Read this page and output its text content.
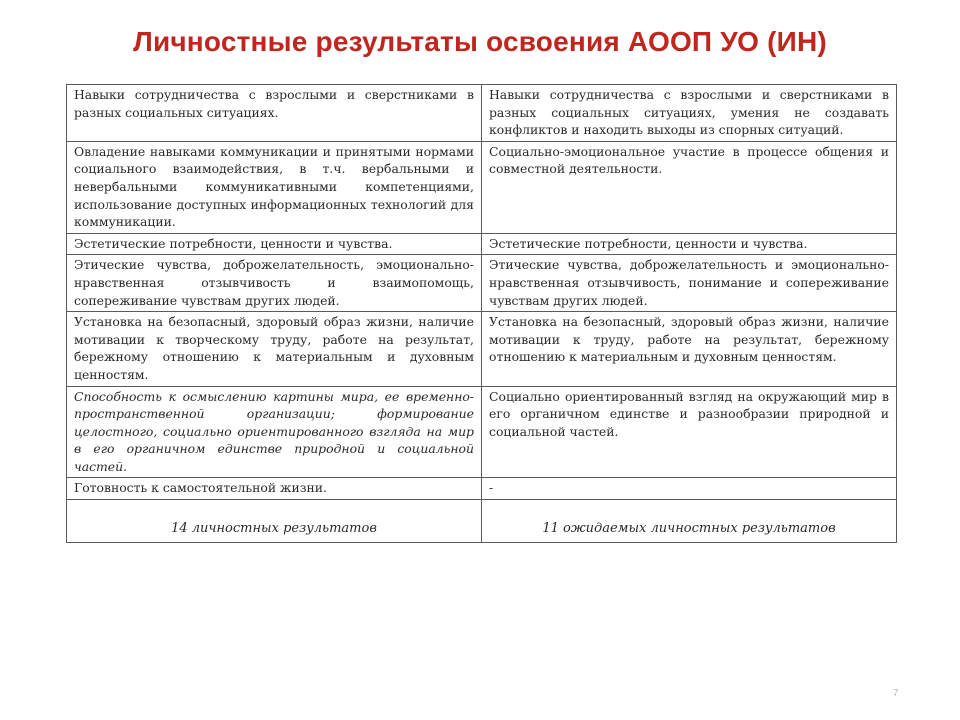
Личностные результаты освоения АООП УО (ИН)
Навыки сотрудничества с взрослыми и сверстниками в разных социальных ситуациях.	Навыки сотрудничества с взрослыми и сверстниками в разных социальных ситуациях, умения не создавать конфликтов и находить выходы из спорных ситуаций.
Овладение навыками коммуникации и принятыми нормами социального взаимодействия, в т.ч. вербальными и невербальными коммуникативными компетенциями, использование доступных информационных технологий для коммуникации.	Социально-эмоциональное участие в процессе общения и совместной деятельности.
Эстетические потребности, ценности и чувства.	Эстетические потребности, ценности и чувства.
Этические чувства, доброжелательность, эмоционально-нравственная отзывчивость и взаимопомощь, сопереживание чувствам других людей.	Этические чувства, доброжелательность и эмоционально-нравственная отзывчивость, понимание и сопереживание чувствам других людей.
Установка на безопасный, здоровый образ жизни, наличие мотивации к творческому труду, работе на результат, бережному отношению к материальным и духовным ценностям.	Установка на безопасный, здоровый образ жизни, наличие мотивации к труду, работе на результат, бережному отношению к материальным и духовным ценностям.
Способность к осмыслению картины мира, ее временно-пространственной организации; формирование целостного, социально ориентированного взгляда на мир в его органичном единстве природной и социальной частей.	Социально ориентированный взгляд на окружающий мир в его органичном единстве и разнообразии природной и социальной частей.
Готовность к самостоятельной жизни.	-
14 личностных результатов	11 ожидаемых личностных результатов
7
